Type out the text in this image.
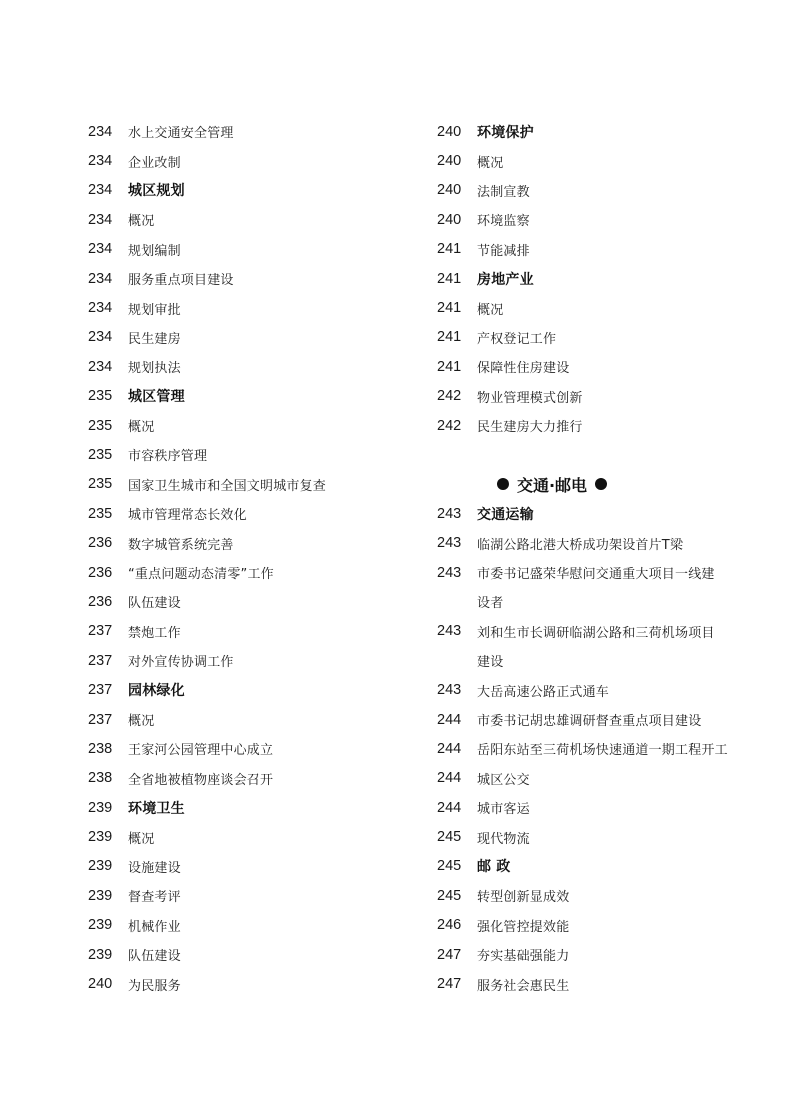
234	水上交通安全管理
234	企业改制
234	城区规划
234	概况
234	规划编制
234	服务重点项目建设
234	规划审批
234	民生建房
234	规划执法
235	城区管理
235	概况
235	市容秩序管理
235	国家卫生城市和全国文明城市复查
235	城市管理常态长效化
236	数字城管系统完善
236	“重点问题动态清零”工作
236	队伍建设
237	禁炮工作
237	对外宣传协调工作
237	园林绿化
237	概况
238	王家河公园管理中心成立
238	全省地被植物座谈会召开
239	环境卫生
239	概况
239	设施建设
239	督查考评
239	机械作业
239	队伍建设
240	为民服务
240	环境保护
240	概况
240	法制宣教
240	环境监察
241	节能减排
241	房地产业
241	概况
241	产权登记工作
241	保障性住房建设
242	物业管理模式创新
242	民生建房大力推行
交通·邮电
243	交通运输
243	临湖公路北港大桥成功架设首片T梁
243	市委书记盛荣华慰问交通重大项目一线建
设者
243	刘和生市长调研临湖公路和三荷机场项目
建设
243	大岳高速公路正式通车
244	市委书记胡忠雄调研督查重点项目建设
244	岳阳东站至三荷机场快速通道一期工程开工
244	城区公交
244	城市客运
245	现代物流
245	邮 政
245	转型创新显成效
246	强化管控提效能
247	夯实基础强能力
247	服务社会惠民生
